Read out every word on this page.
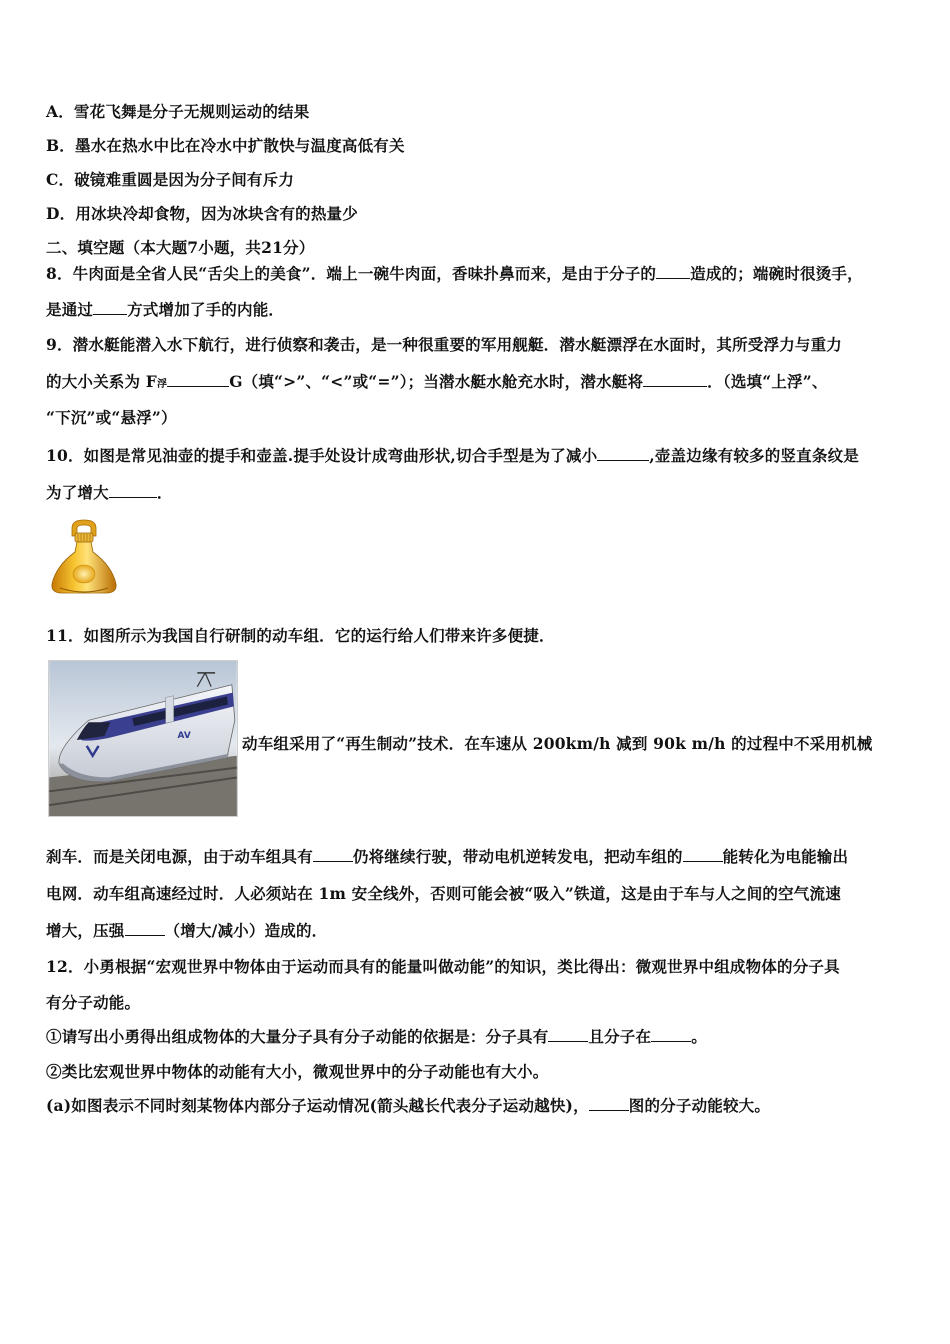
A．雪花飞舞是分子无规则运动的结果
B．墨水在热水中比在冷水中扩散快与温度高低有关
C．破镜难重圆是因为分子间有斥力
D．用冰块冷却食物，因为冰块含有的热量少
二、填空题（本大题7小题，共21分）
8．牛肉面是全省人民“舌尖上的美食”．端上一碗牛肉面，香味扑鼻而来，是由于分子的 造成的；端碗时很烫手，
是通过 方式增加了手的内能．
9．潜水艇能潜入水下航行，进行侦察和袭击，是一种很重要的军用舰艇．潜水艇漂浮在水面时，其所受浮力与重力
的大小关系为 F浮	G（填“>”、“<”或“=”）；当潜水艇水舱充水时，潜水艇将	．（选填“上浮”、
“下沉”或“悬浮”）
10．如图是常见油壶的提手和壶盖.提手处设计成弯曲形状,切合手型是为了减小	,壶盖边缘有较多的竖直条纹是
为了增大	．
11．如图所示为我国自行研制的动车组．它的运行给人们带来许多便捷．
AV	动车组采用了“再生制动”技术．在车速从 200km/h 减到 90k m/h 的过程中不采用机械
刹车．而是关闭电源，由于动车组具有	仍将继续行驶，带动电机逆转发电，把动车组的	能转化为电能输出
电网．动车组高速经过时．人必须站在 1m 安全线外，否则可能会被“吸入”铁道，这是由于车与人之间的空气流速
增大，压强	（增大/减小）造成的．
12．小勇根据“宏观世界中物体由于运动而具有的能量叫做动能”的知识，类比得出：微观世界中组成物体的分子具
有分子动能。
①请写出小勇得出组成物体的大量分子具有分子动能的依据是：分子具有	且分子在	。
②类比宏观世界中物体的动能有大小，微观世界中的分子动能也有大小。
(a)如图表示不同时刻某物体内部分子运动情况(箭头越长代表分子运动越快)，	图的分子动能较大。
